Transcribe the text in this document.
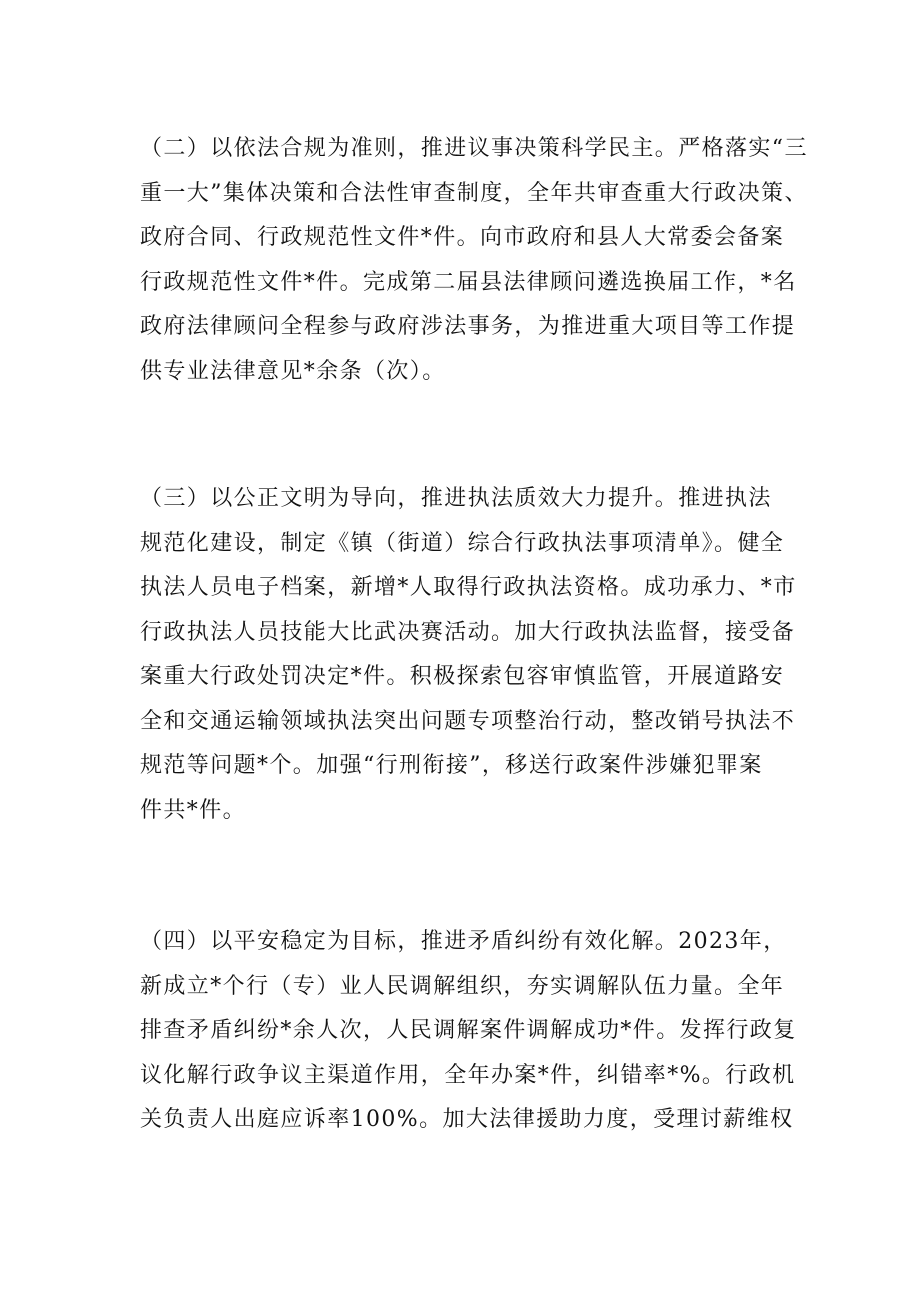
（二）以依法合规为准则，推进议事决策科学民主。严格落实“三
重一大”集体决策和合法性审查制度，全年共审查重大行政决策、
政府合同、行政规范性文件*件。向市政府和县人大常委会备案
行政规范性文件*件。完成第二届县法律顾问遴选换届工作，*名
政府法律顾问全程参与政府涉法事务，为推进重大项目等工作提
供专业法律意见*余条（次）。
（三）以公正文明为导向，推进执法质效大力提升。推进执法
规范化建设，制定《镇（街道）综合行政执法事项清单》。健全
执法人员电子档案，新增*人取得行政执法资格。成功承力、*市
行政执法人员技能大比武决赛活动。加大行政执法监督，接受备
案重大行政处罚决定*件。积极探索包容审慎监管，开展道路安
全和交通运输领域执法突出问题专项整治行动，整改销号执法不
规范等问题*个。加强“行刑衔接”，移送行政案件涉嫌犯罪案
件共*件。
（四）以平安稳定为目标，推进矛盾纠纷有效化解。2023年，
新成立*个行（专）业人民调解组织，夯实调解队伍力量。全年
排查矛盾纠纷*余人次，人民调解案件调解成功*件。发挥行政复
议化解行政争议主渠道作用，全年办案*件，纠错率*%。行政机
关负责人出庭应诉率100%。加大法律援助力度，受理讨薪维权
